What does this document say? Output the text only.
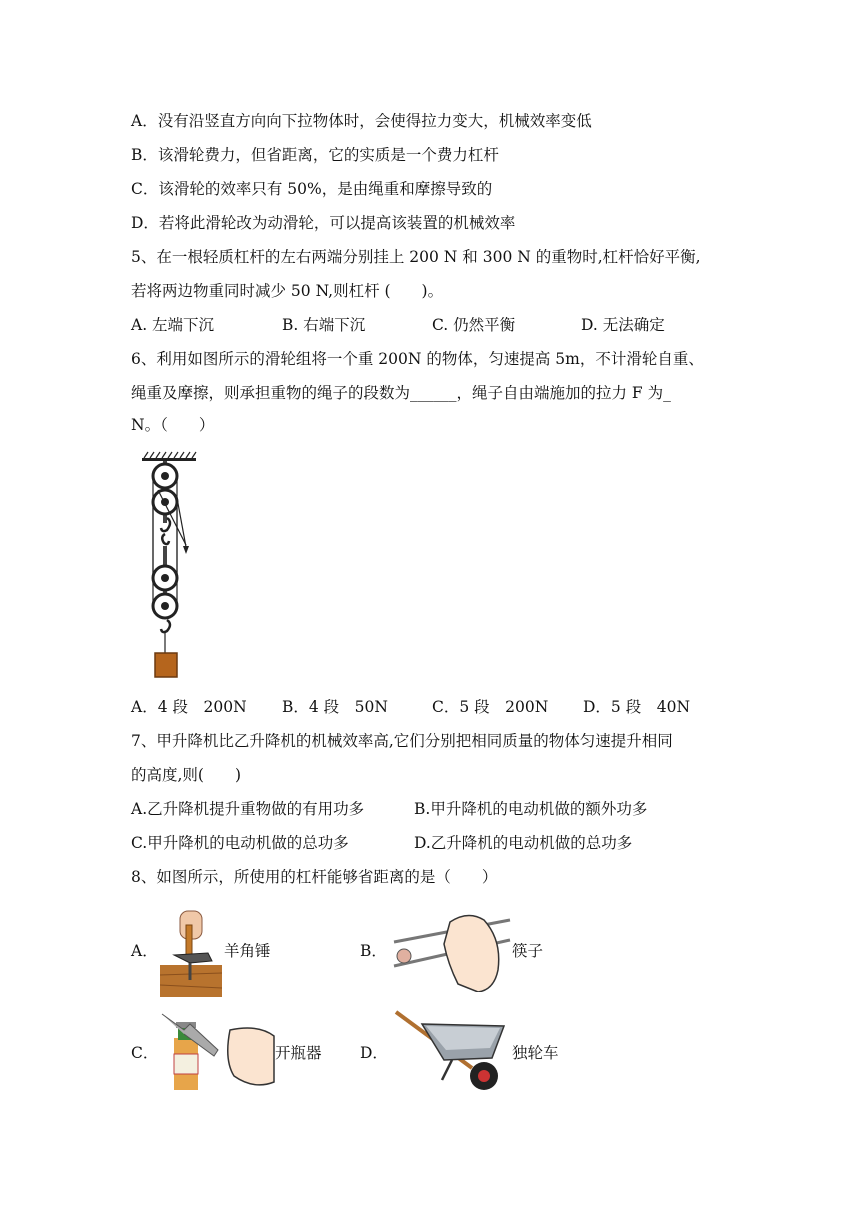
A．没有沿竖直方向向下拉物体时，会使得拉力变大，机械效率变低
B．该滑轮费力，但省距离，它的实质是一个费力杠杆
C．该滑轮的效率只有 50%，是由绳重和摩擦导致的
D．若将此滑轮改为动滑轮，可以提高该装置的机械效率
5、在一根轻质杠杆的左右两端分别挂上 200 N 和 300 N 的重物时,杠杆恰好平衡,
若将两边物重同时减少 50 N,则杠杆 (　　)。
A. 左端下沉	B. 右端下沉	C. 仍然平衡	D. 无法确定
6、利用如图所示的滑轮组将一个重 200N 的物体，匀速提高 5m，不计滑轮自重、
绳重及摩擦，则承担重物的绳子的段数为______，绳子自由端施加的拉力 F 为_
N。（　　）
A．4 段　200N B．4 段　50N	C．5 段　200N D．5 段　40N
7、甲升降机比乙升降机的机械效率高,它们分别把相同质量的物体匀速提升相同
的高度,则(　　)
A.乙升降机提升重物做的有用功多	B.甲升降机的电动机做的额外功多
C.甲升降机的电动机做的总功多	D.乙升降机的电动机做的总功多
8、如图所示，所使用的杠杆能够省距离的是（　　）
A．	羊角锤	B．	筷子
C．	开瓶器 D．	独轮车
